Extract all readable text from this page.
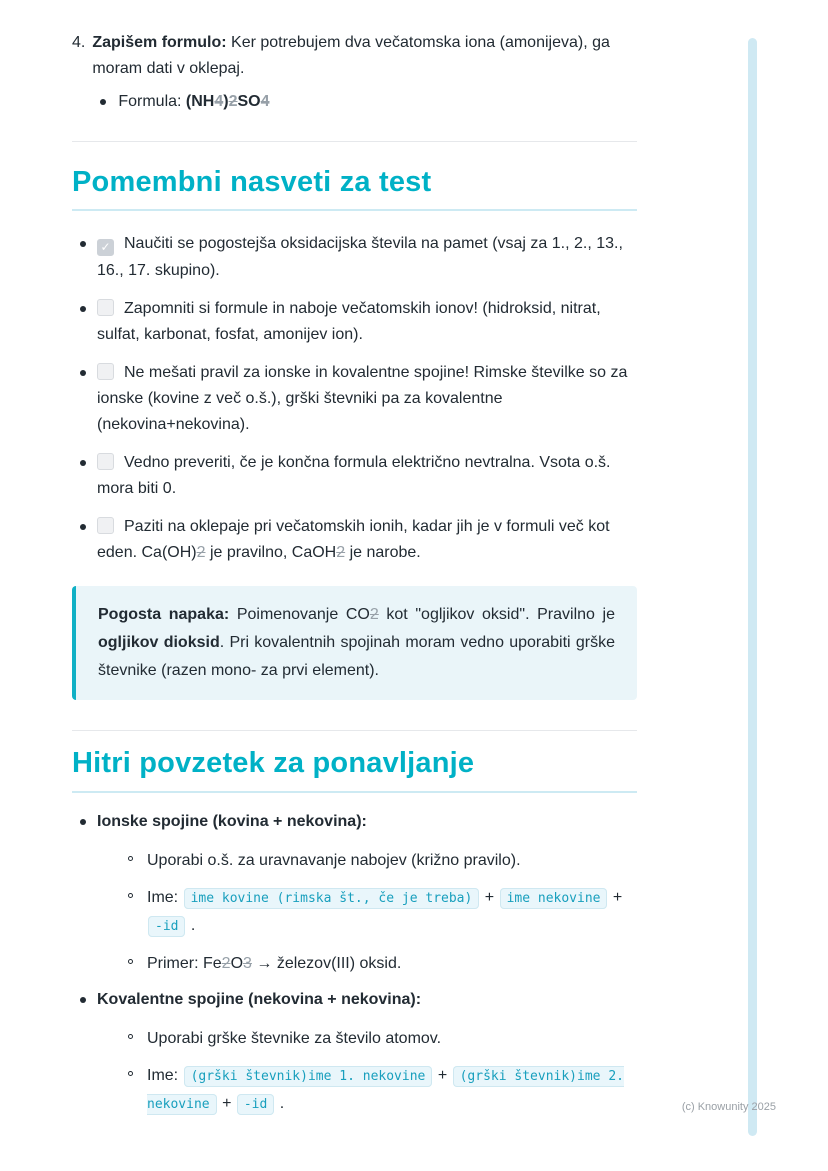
4. Zapišem formulo: Ker potrebujem dva večatomska iona (amonijeva), ga moram dati v oklepaj.

Formula: (NH4)2SO4
Pomembni nasveti za test
✓Naučiti se pogostejša oksidacijska števila na pamet (vsaj za 1., 2., 13., 16., 17. skupino).
Zapomniti si formule in naboje večatomskih ionov! (hidroksid, nitrat, sulfat, karbonat, fosfat, amonijev ion).
Ne mešati pravil za ionske in kovalentne spojine! Rimske številke so za ionske (kovine z več o.š.), grški števniki pa za kovalentne (nekovina+nekovina).
Vedno preveriti, če je končna formula električno nevtralna. Vsota o.š. mora biti 0.
Paziti na oklepaje pri večatomskih ionih, kadar jih je v formuli več kot eden. Ca(OH)2 je pravilno, CaOH2 je narobe.

Pogosta napaka: Poimenovanje CO2 kot "ogljikov oksid". Pravilno je ogljikov dioksid. Pri kovalentnih spojinah moram vedno uporabiti grške števnike (razen mono- za prvi element).

Hitri povzetek za ponavljanje
Ionske spojine (kovina + nekovina):
Uporabi o.š. za uravnavanje nabojev (križno pravilo).
Ime: ime kovine (rimska št., če je treba) + ime nekovine + -id .
Primer: Fe2O3 → železov(III) oksid.
Kovalentne spojine (nekovina + nekovina):
Uporabi grške števnike za število atomov.
Ime: (grški števnik)ime 1. nekovine + (grški števnik)ime 2. nekovine + -id .	(c) Knowunity 2025
